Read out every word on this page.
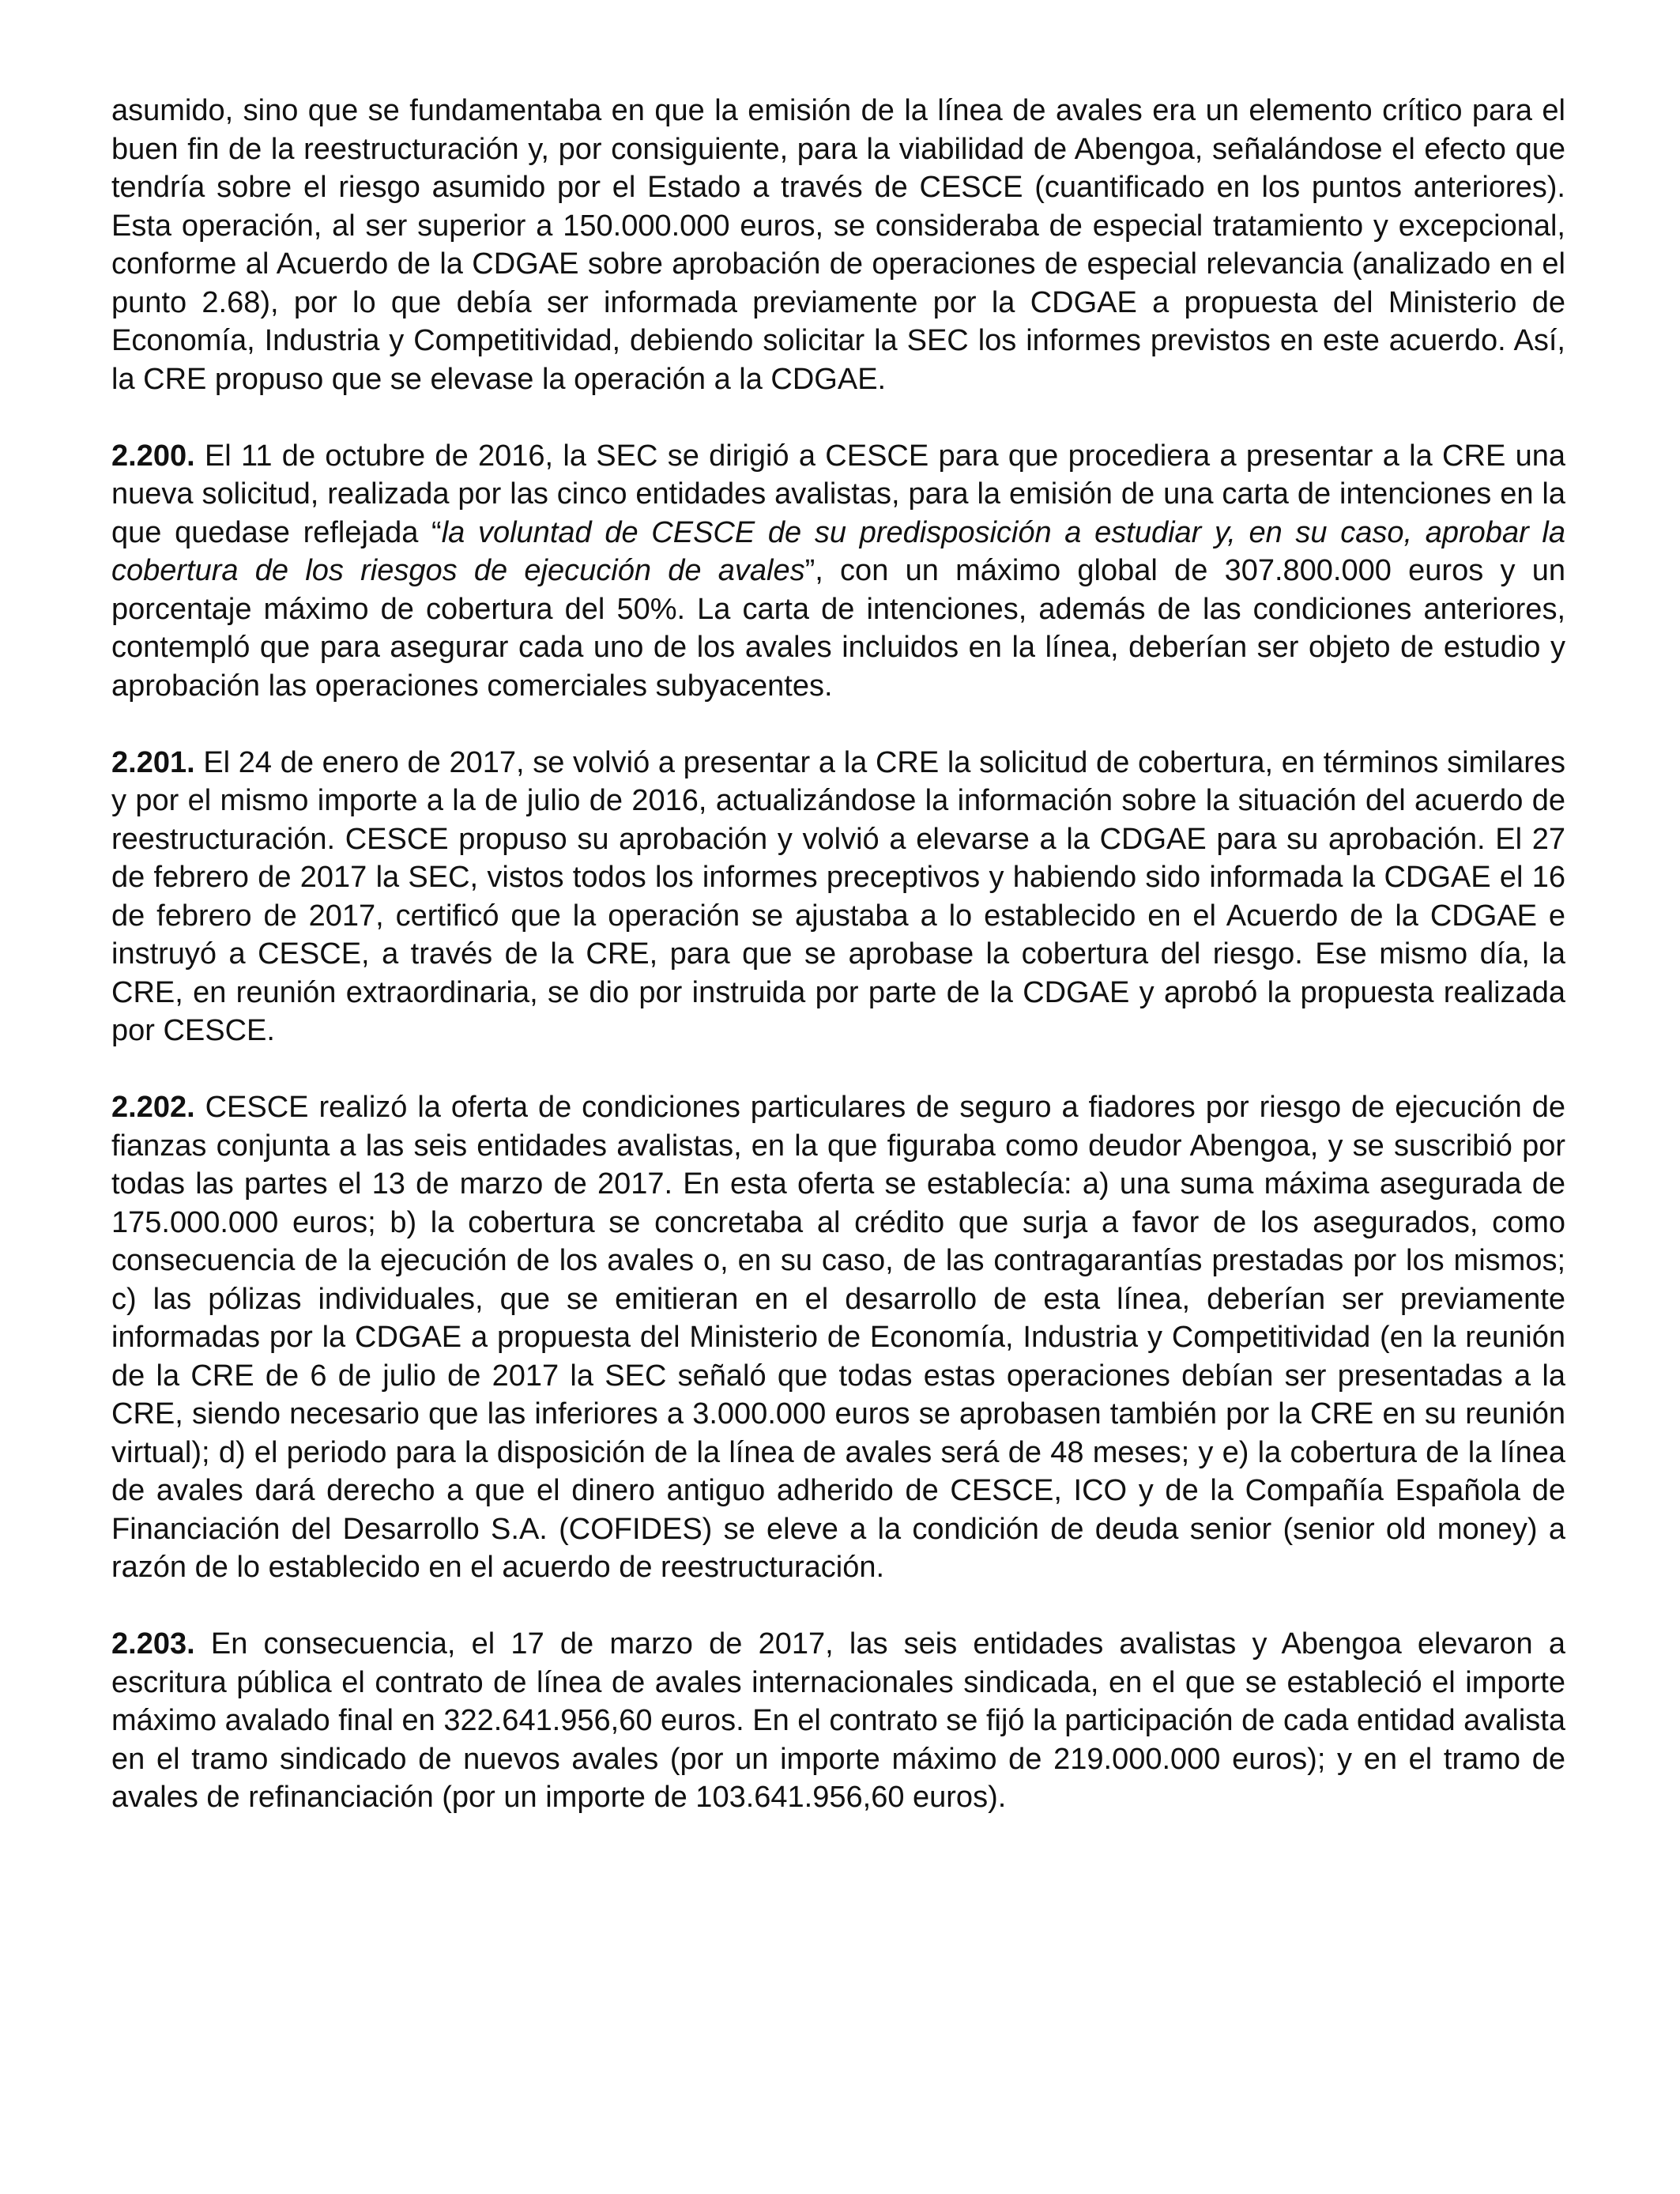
asumido, sino que se fundamentaba en que la emisión de la línea de avales era un elemento crítico para el buen fin de la reestructuración y, por consiguiente, para la viabilidad de Abengoa, señalándose el efecto que tendría sobre el riesgo asumido por el Estado a través de CESCE (cuantificado en los puntos anteriores). Esta operación, al ser superior a 150.000.000 euros, se consideraba de especial tratamiento y excepcional, conforme al Acuerdo de la CDGAE sobre aprobación de operaciones de especial relevancia (analizado en el punto 2.68), por lo que debía ser informada previamente por la CDGAE a propuesta del Ministerio de Economía, Industria y Competitividad, debiendo solicitar la SEC los informes previstos en este acuerdo. Así, la CRE propuso que se elevase la operación a la CDGAE.

2.200. El 11 de octubre de 2016, la SEC se dirigió a CESCE para que procediera a presentar a la CRE una nueva solicitud, realizada por las cinco entidades avalistas, para la emisión de una carta de intenciones en la que quedase reflejada “la voluntad de CESCE de su predisposición a estudiar y, en su caso, aprobar la cobertura de los riesgos de ejecución de avales”, con un máximo global de 307.800.000 euros y un porcentaje máximo de cobertura del 50%. La carta de intenciones, además de las condiciones anteriores, contempló que para asegurar cada uno de los avales incluidos en la línea, deberían ser objeto de estudio y aprobación las operaciones comerciales subyacentes.

2.201. El 24 de enero de 2017, se volvió a presentar a la CRE la solicitud de cobertura, en términos similares y por el mismo importe a la de julio de 2016, actualizándose la información sobre la situación del acuerdo de reestructuración. CESCE propuso su aprobación y volvió a elevarse a la CDGAE para su aprobación. El 27 de febrero de 2017 la SEC, vistos todos los informes preceptivos y habiendo sido informada la CDGAE el 16 de febrero de 2017, certificó que la operación se ajustaba a lo establecido en el Acuerdo de la CDGAE e instruyó a CESCE, a través de la CRE, para que se aprobase la cobertura del riesgo. Ese mismo día, la CRE, en reunión extraordinaria, se dio por instruida por parte de la CDGAE y aprobó la propuesta realizada por CESCE.

2.202. CESCE realizó la oferta de condiciones particulares de seguro a fiadores por riesgo de ejecución de fianzas conjunta a las seis entidades avalistas, en la que figuraba como deudor Abengoa, y se suscribió por todas las partes el 13 de marzo de 2017. En esta oferta se establecía: a) una suma máxima asegurada de 175.000.000 euros; b) la cobertura se concretaba al crédito que surja a favor de los asegurados, como consecuencia de la ejecución de los avales o, en su caso, de las contragarantías prestadas por los mismos; c) las pólizas individuales, que se emitieran en el desarrollo de esta línea, deberían ser previamente informadas por la CDGAE a propuesta del Ministerio de Economía, Industria y Competitividad (en la reunión de la CRE de 6 de julio de 2017 la SEC señaló que todas estas operaciones debían ser presentadas a la CRE, siendo necesario que las inferiores a 3.000.000 euros se aprobasen también por la CRE en su reunión virtual); d) el periodo para la disposición de la línea de avales será de 48 meses; y e) la cobertura de la línea de avales dará derecho a que el dinero antiguo adherido de CESCE, ICO y de la Compañía Española de Financiación del Desarrollo S.A. (COFIDES) se eleve a la condición de deuda senior (senior old money) a razón de lo establecido en el acuerdo de reestructuración.

2.203. En consecuencia, el 17 de marzo de 2017, las seis entidades avalistas y Abengoa elevaron a escritura pública el contrato de línea de avales internacionales sindicada, en el que se estableció el importe máximo avalado final en 322.641.956,60 euros. En el contrato se fijó la participación de cada entidad avalista en el tramo sindicado de nuevos avales (por un importe máximo de 219.000.000 euros); y en el tramo de avales de refinanciación (por un importe de 103.641.956,60 euros).
